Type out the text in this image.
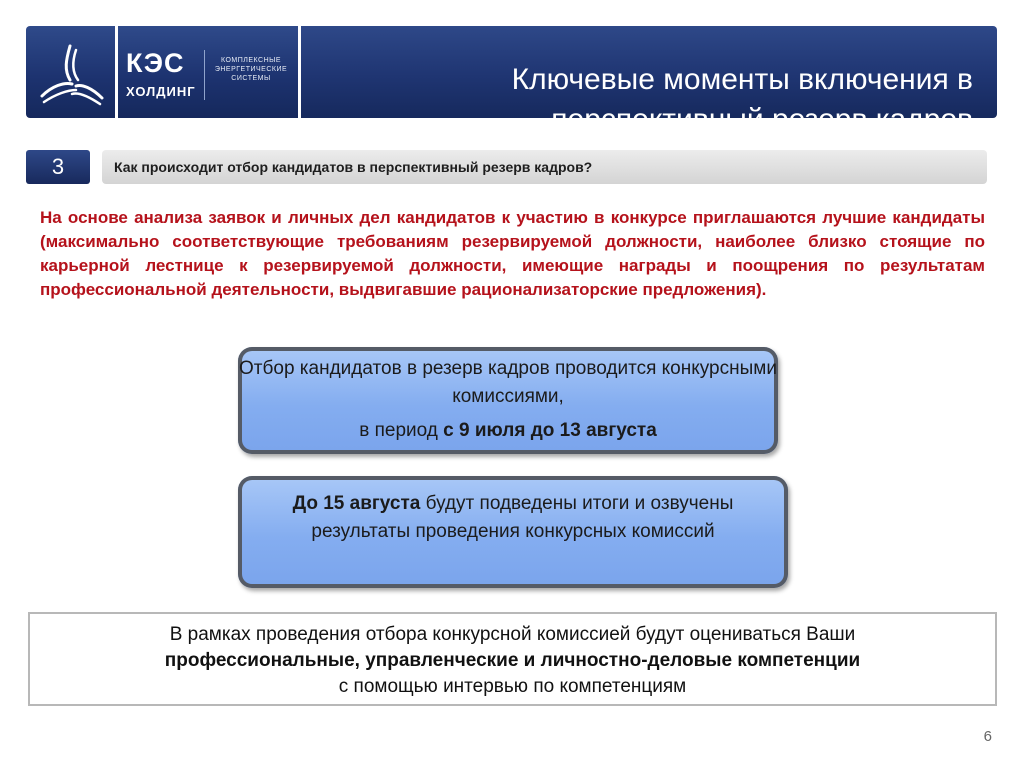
КЭС
ХОЛДИНГ
КОМПЛЕКСНЫЕ
ЭНЕРГЕТИЧЕСКИЕ
СИСТЕМЫ	Ключевые моменты включения в
перспективный резерв кадров
3	Как происходит отбор кандидатов в перспективный резерв кадров?
На основе анализа заявок и личных дел кандидатов к участию в конкурсе приглашаются лучшие кандидаты (максимально соответствующие требованиям резервируемой должности, наиболее близко стоящие по карьерной лестнице к резервируемой должности, имеющие награды и поощрения по результатам профессиональной деятельности, выдвигавшие рационализаторские предложения).
Отбор кандидатов в резерв кадров проводится конкурсными комиссиями,
в период с 9 июля до 13 августа
До 15 августа будут подведены итоги и озвучены результаты проведения конкурсных комиссий
В рамках проведения отбора конкурсной комиссией будут оцениваться Ваши
профессиональные, управленческие и личностно-деловые компетенции
с помощью интервью по компетенциям
6
